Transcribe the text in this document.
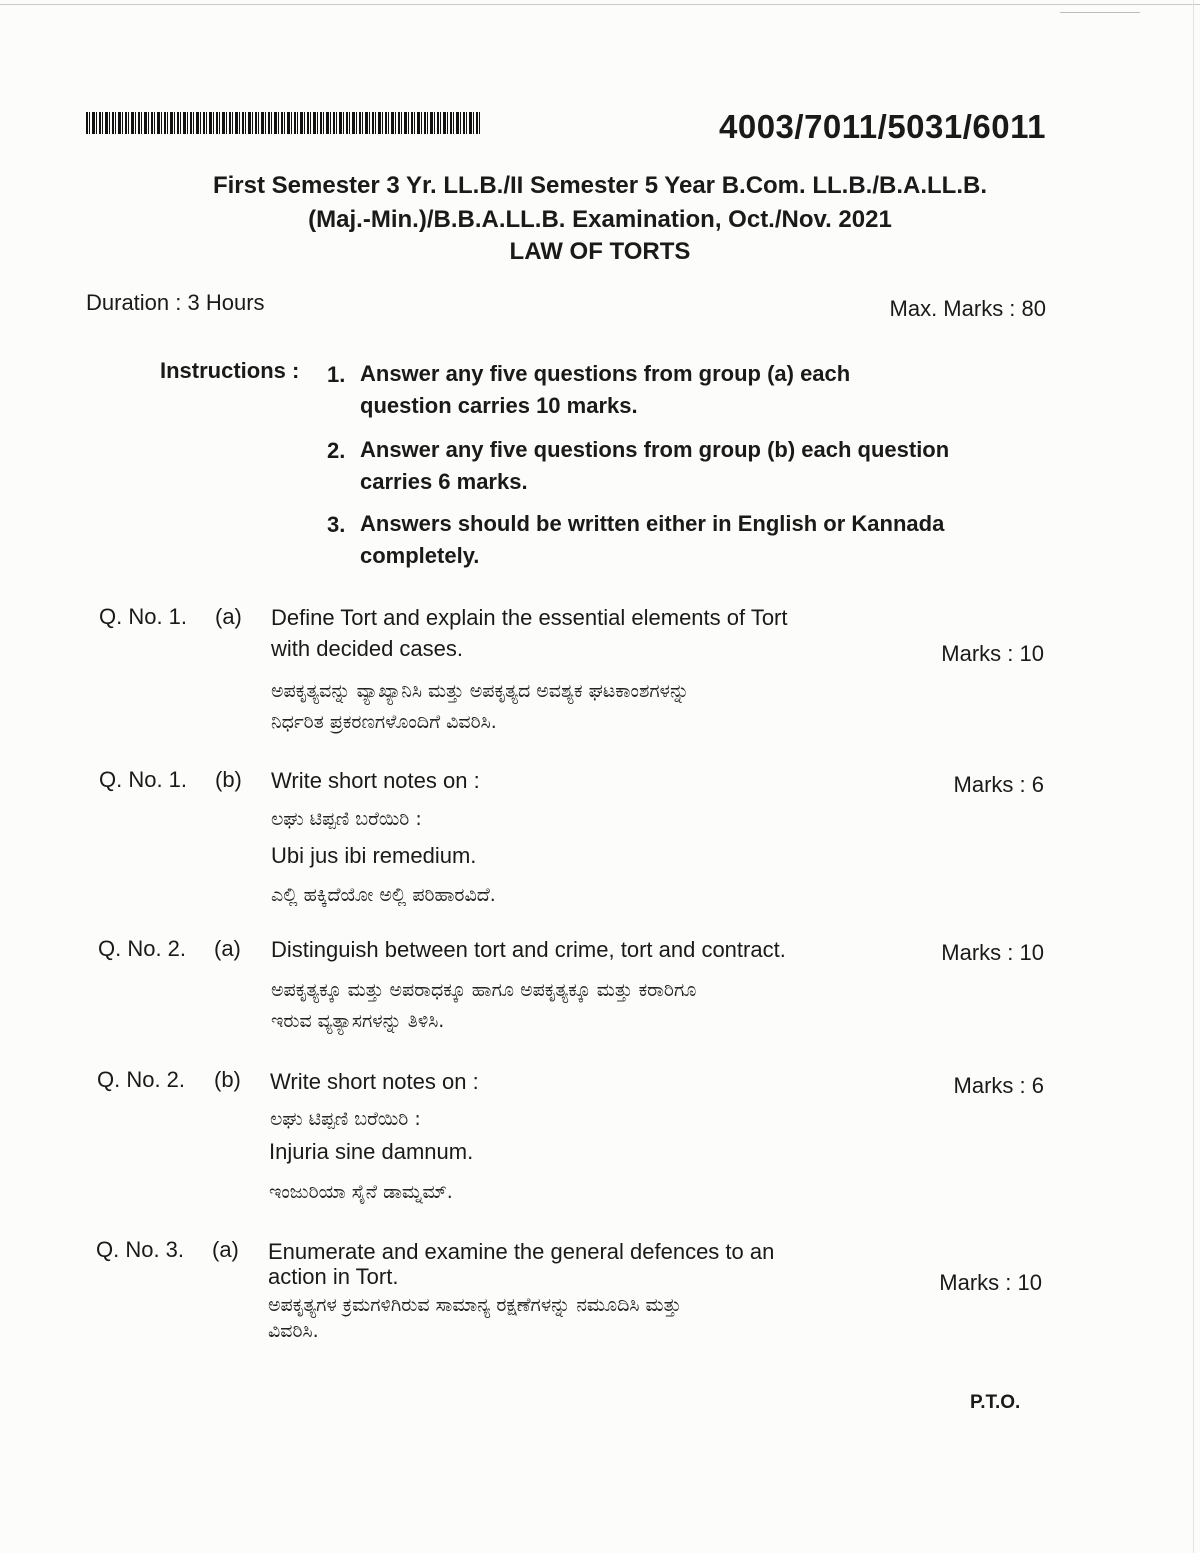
4003/7011/5031/6011
First Semester 3 Yr. LL.B./II Semester 5 Year B.Com. LL.B./B.A.LL.B.
(Maj.-Min.)/B.B.A.LL.B. Examination, Oct./Nov. 2021
LAW OF TORTS
Duration : 3 Hours	Max. Marks : 80
Instructions : 1. Answer any five questions from group (a) each
question carries 10 marks.
2. Answer any five questions from group (b) each question
carries 6 marks.
3. Answers should be written either in English or Kannada
completely.
Q. No. 1. (a) Define Tort and explain the essential elements of Tort
with decided cases.	Marks : 10
ಅಪಕೃತ್ಯವನ್ನು ವ್ಯಾಖ್ಯಾನಿಸಿ ಮತ್ತು ಅಪಕೃತ್ಯದ ಅವಶ್ಯಕ ಘಟಕಾಂಶಗಳನ್ನು
ನಿರ್ಧರಿತ ಪ್ರಕರಣಗಳೊಂದಿಗೆ ವಿವರಿಸಿ.
Q. No. 1. (b) Write short notes on :	Marks : 6
ಲಘು ಟಿಪ್ಪಣಿ ಬರೆಯಿರಿ :
Ubi jus ibi remedium.
ಎಲ್ಲಿ ಹಕ್ಕಿದೆಯೋ ಅಲ್ಲಿ ಪರಿಹಾರವಿದೆ.
Q. No. 2. (a) Distinguish between tort and crime, tort and contract.	Marks : 10
ಅಪಕೃತ್ಯಕ್ಕೂ ಮತ್ತು ಅಪರಾಧಕ್ಕೂ ಹಾಗೂ ಅಪಕೃತ್ಯಕ್ಕೂ ಮತ್ತು ಕರಾರಿಗೂ
ಇರುವ ವ್ಯತ್ಯಾಸಗಳನ್ನು ತಿಳಿಸಿ.
Q. No. 2. (b) Write short notes on :	Marks : 6
ಲಘು ಟಿಪ್ಪಣಿ ಬರೆಯಿರಿ :
Injuria sine damnum.
ಇಂಜುರಿಯಾ ಸೈನೆ ಡಾಮ್ನಮ್.
Q. No. 3. (a) Enumerate and examine the general defences to an
action in Tort.	Marks : 10
ಅಪಕೃತ್ಯಗಳ ಕ್ರಮಗಳಿಗಿರುವ ಸಾಮಾನ್ಯ ರಕ್ಷಣೆಗಳನ್ನು ನಮೂದಿಸಿ ಮತ್ತು
ವಿವರಿಸಿ.
P.T.O.
